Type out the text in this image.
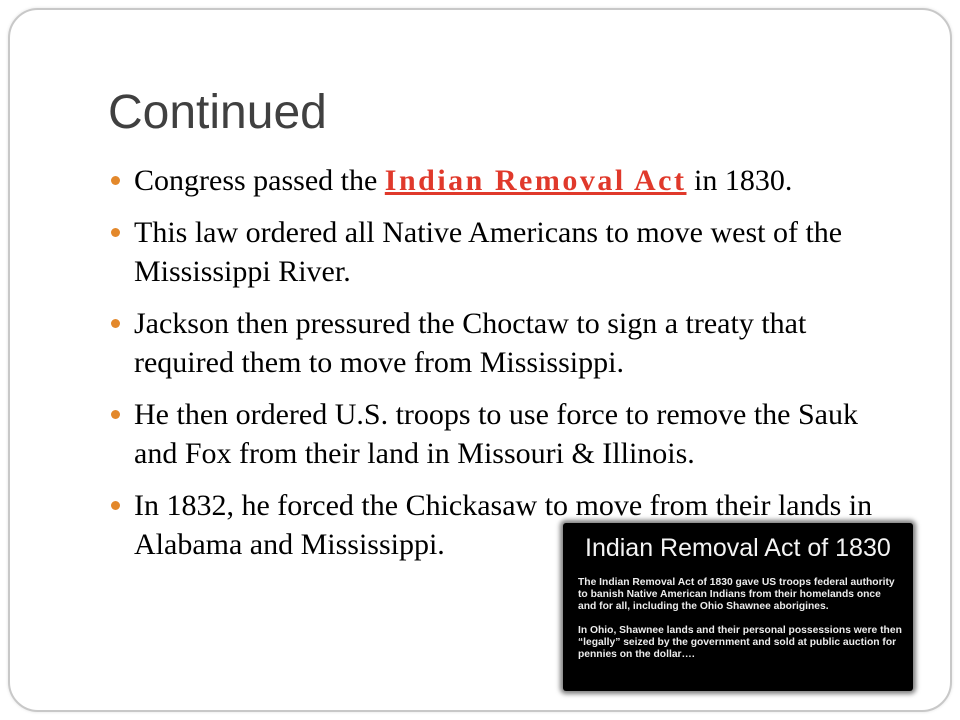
Continued
Congress passed the Indian Removal Act in 1830.
This law ordered all Native Americans to move west of the Mississippi River.
Jackson then pressured the Choctaw to sign a treaty that required them to move from Mississippi.
He then ordered U.S. troops to use force to remove the Sauk and Fox from their land in Missouri & Illinois.
In 1832, he forced the Chickasaw to move from their lands in Alabama and Mississippi.	Indian Removal Act of 1830
The Indian Removal Act of 1830 gave US troops federal authority
to banish Native American Indians from their homelands once
and for all, including the Ohio Shawnee aborigines.
In Ohio, Shawnee lands and their personal possessions were then
“legally” seized by the government and sold at public auction for
pennies on the dollar….
